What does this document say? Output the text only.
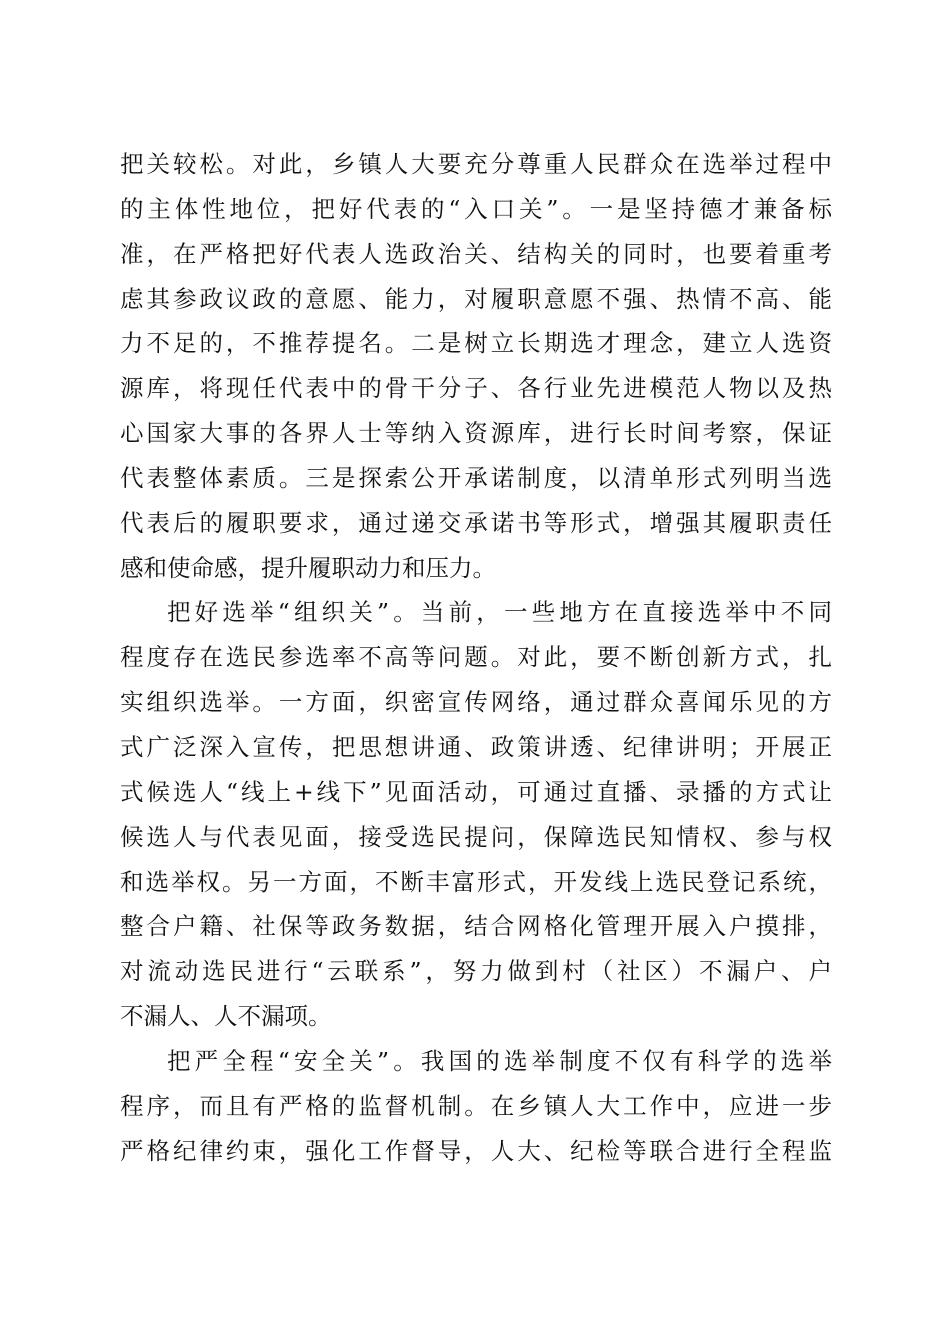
把关较松。对此，乡镇人大要充分尊重人民群众在选举过程中
的主体性地位，把好代表的“入口关”。一是坚持德才兼备标
准，在严格把好代表人选政治关、结构关的同时，也要着重考
虑其参政议政的意愿、能力，对履职意愿不强、热情不高、能
力不足的，不推荐提名。二是树立长期选才理念，建立人选资
源库，将现任代表中的骨干分子、各行业先进模范人物以及热
心国家大事的各界人士等纳入资源库，进行长时间考察，保证
代表整体素质。三是探索公开承诺制度，以清单形式列明当选
代表后的履职要求，通过递交承诺书等形式，增强其履职责任
感和使命感，提升履职动力和压力。
把好选举“组织关”。当前，一些地方在直接选举中不同
程度存在选民参选率不高等问题。对此，要不断创新方式，扎
实组织选举。一方面，织密宣传网络，通过群众喜闻乐见的方
式广泛深入宣传，把思想讲通、政策讲透、纪律讲明；开展正
式候选人“线上+线下”见面活动，可通过直播、录播的方式让
候选人与代表见面，接受选民提问，保障选民知情权、参与权
和选举权。另一方面，不断丰富形式，开发线上选民登记系统，
整合户籍、社保等政务数据，结合网格化管理开展入户摸排，
对流动选民进行“云联系”，努力做到村（社区）不漏户、户
不漏人、人不漏项。
把严全程“安全关”。我国的选举制度不仅有科学的选举
程序，而且有严格的监督机制。在乡镇人大工作中，应进一步
严格纪律约束，强化工作督导，人大、纪检等联合进行全程监
